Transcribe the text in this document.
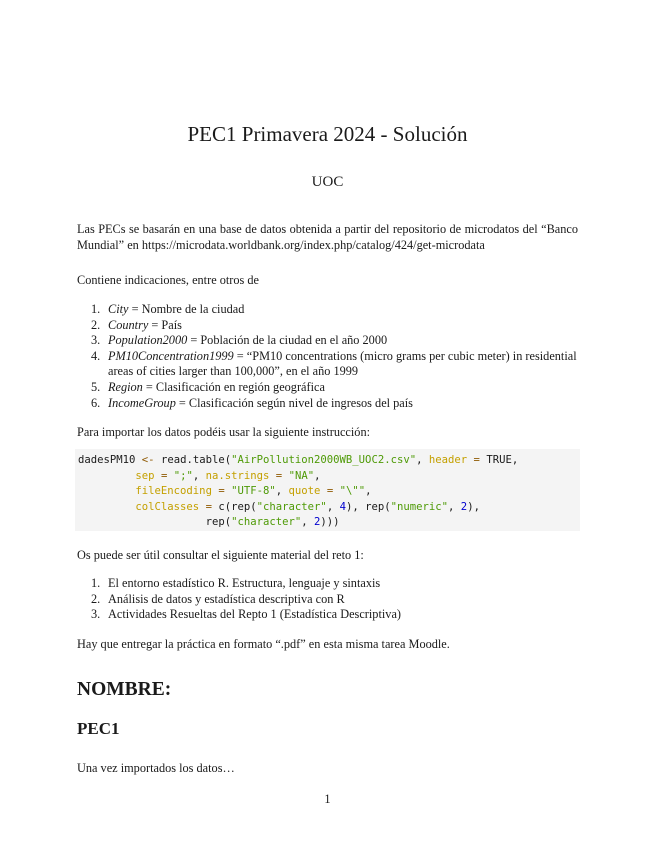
PEC1 Primavera 2024 - Solución
UOC
Las PECs se basarán en una base de datos obtenida a partir del repositorio de microdatos del “Banco Mundial” en https://microdata.worldbank.org/index.php/catalog/424/get-microdata
Contiene indicaciones, entre otros de
1. City = Nombre de la ciudad
2. Country = País
3. Population2000 = Población de la ciudad en el año 2000
4. PM10Concentration1999 = “PM10 concentrations (micro grams per cubic meter) in residential areas of cities larger than 100,000”, en el año 1999
5. Region = Clasificación en región geográfica
6. IncomeGroup = Clasificación según nivel de ingresos del país
Para importar los datos podéis usar la siguiente instrucción:
dadesPM10 <- read.table("AirPollution2000WB_UOC2.csv", header = TRUE,
sep = ";", na.strings = "NA",
fileEncoding = "UTF-8", quote = "\"",
colClasses = c(rep("character", 4), rep("numeric", 2),
rep("character", 2)))
Os puede ser útil consultar el siguiente material del reto 1:
1. El entorno estadístico R. Estructura, lenguaje y sintaxis
2. Análisis de datos y estadística descriptiva con R
3. Actividades Resueltas del Repto 1 (Estadística Descriptiva)
Hay que entregar la práctica en formato “.pdf” en esta misma tarea Moodle.
NOMBRE:
PEC1
Una vez importados los datos…
1
